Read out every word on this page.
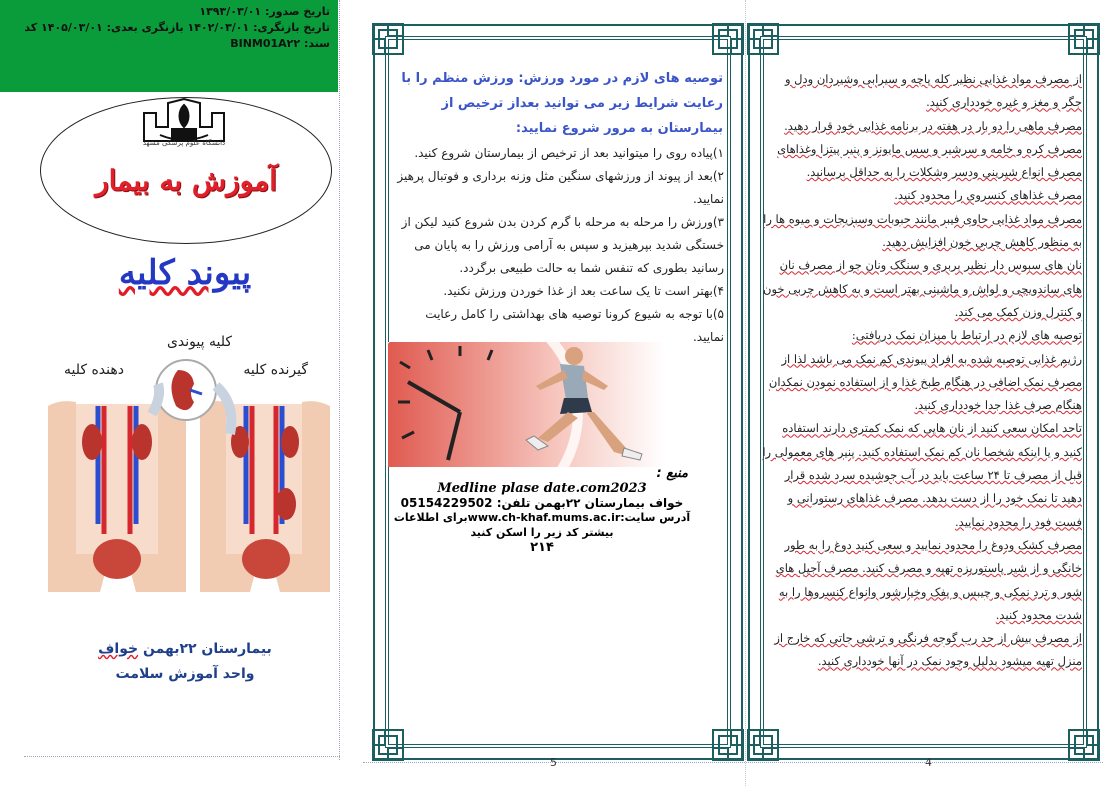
تاریخ صدور: ۱۳۹۳/۰۳/۰۱
تاریخ بازنگری: ۱۴۰۲/۰۳/۰۱ بازنگری بعدی: ۱۴۰۵/۰۳/۰۱ کد
سند: BINM01A۲۲
دانشگاه علوم پزشکی مشهد
آموزش به بیمار
پیوند کلیه
کلیه پیوندی
دهنده کلیه	گیرنده کلیه
بیمارستان ۲۲بهمن خواف
واحد آموزش سلامت
توصیه های لازم در مورد ورزش: ورزش منظم را با رعایت شرایط زیر می توانید بعداز ترخیص از بیمارستان به مرور شروع نمایید:
۱)پیاده روی را میتوانید بعد از ترخیص از بیمارستان شروع کنید.
۲)بعد از پیوند از ورزشهای سنگین مثل وزنه برداری و فوتبال پرهیز نمایید.
۳)ورزش را مرحله به مرحله با گرم کردن بدن شروع کنید لیکن از خستگی شدید بپرهیزید و سپس به آرامی ورزش را به پایان می رسانید بطوری که تنفس شما به حالت طبیعی برگردد.
۴)بهتر است تا یک ساعت بعد از غذا خوردن ورزش نکنید.
۵)با توجه به شیوع کرونا توصیه های بهداشتی را کامل رعایت نمایید.
منبع :
Medline plase date.com2023
خواف بیمارستان ۲۲بهمن تلفن: 05154229502
آدرس سایت:www.ch-khaf.mums.ac.irبرای اطلاعات بیشتر کد زیر را اسکن کنید
۲۱۴

از مصرف مواد غذایی نظیر کله پاچه و سیرابی وشیردان ودل و جگر و مغز و غیره خودداری کنید.

مصرف ماهی را دو بار در هفته در برنامه غذایی خود قرار دهید.

مصرف کره و خامه و سرشیر و سس مایونز و پنیر پیتزا وغذاهای مصرف انواع شیرینی ودسر وشکلات را به حداقل برسانید.

مصرف غذاهای کنسروی را محدود کنید.

مصرف مواد غذایی حاوی فیبر مانند حبوبات وسبزیجات و میوه ها را به منظور کاهش چربی خون افزایش دهید.

نان های سبوس دار نظیر بربری و سنگک ونان جو از مصرف نان های ساندویچی و لواش و ماشینی بهتر است و به کاهش چربی خون و کنترل وزن کمک می کند.

توصیه های لازم در ارتباط با میزان نمک دریافتی:

رژیم غذایی توصیه شده به افراد پیوندی کم نمک می باشد لذا از مصرف نمک اضافی در هنگام طبخ غذا و از استفاده نمودن نمکدان هنگام صرف غذا جدا خودداری کنید.

تاحد امکان سعی کنید از نان هایی که نمک کمتری دارند استفاده کنید و یا اینکه شخصا نان کم نمک استفاده کنید. پنیر های معمولی را قبل از مصرف تا ۲۴ ساعت باید در آب جوشیده سرد شده قرار دهید تا نمک خود را از دست بدهد. مصرف غذاهای رستورانی و فست فود را محدود نمایید.

مصرف کشک ودوغ را محدود نمایید و سعی کنید دوغ را به طور خانگی و از شیر پاستوریزه تهیه و مصرف کنید. مصرف آجیل های شور و ترد نمکی و چیبس و پفک وخیارشور وانواع کنسروها را به شدت محدود کنید.

از مصرف بیش از حد رب گوجه فرنگی و ترشی جاتی که خارج از منزل تهیه میشود بدلیل وجود نمک در آنها خودداری کنید.

5	4
